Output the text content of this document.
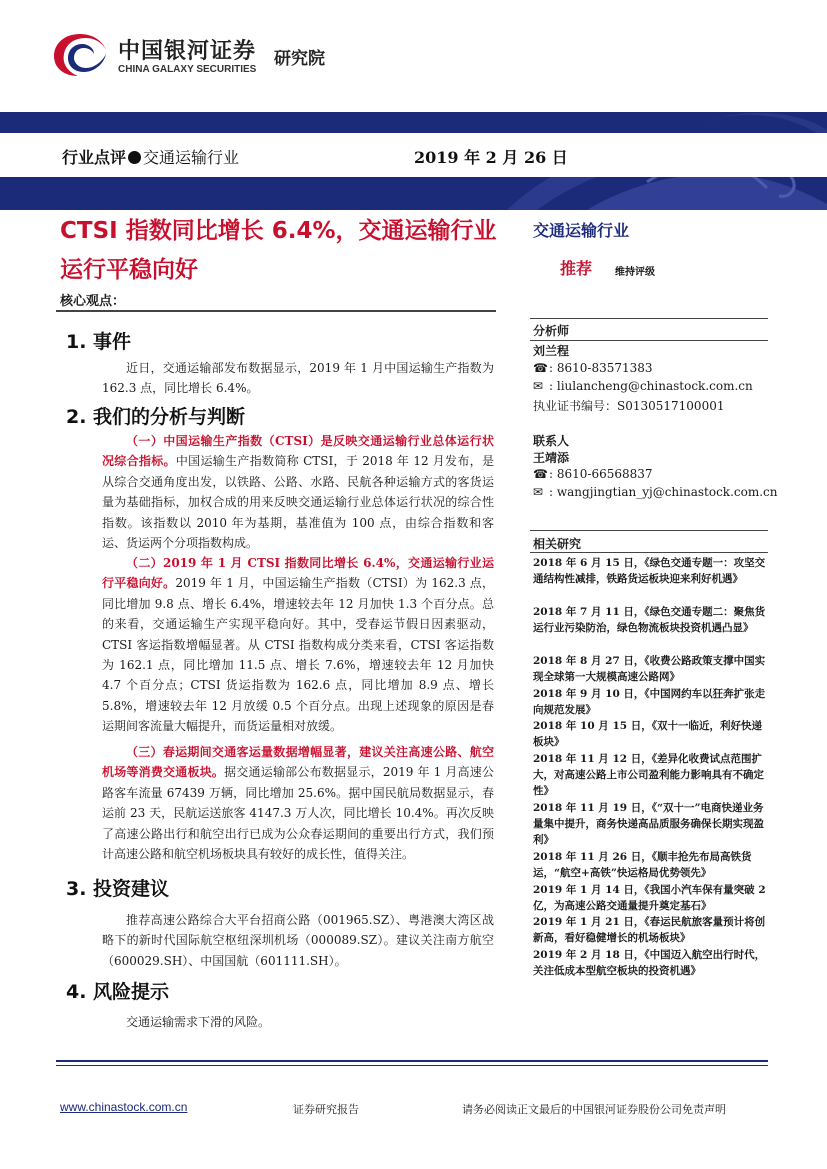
中国银河证券
CHINA GALAXY SECURITIES
研究院
行业点评 交通运输行业	2019 年 2 月 26 日
CTSI 指数同比增长 6.4%，交通运输行业运行平稳向好
核心观点：
1. 事件
近日，交通运输部发布数据显示，2019 年 1 月中国运输生产指数为 162.3 点，同比增长 6.4%。
2. 我们的分析与判断
（一）中国运输生产指数（CTSI）是反映交通运输行业总体运行状况综合指标。中国运输生产指数简称 CTSI，于 2018 年 12 月发布，是从综合交通角度出发，以铁路、公路、水路、民航各种运输方式的客货运量为基础指标，加权合成的用来反映交通运输行业总体运行状况的综合性指数。该指数以 2010 年为基期，基准值为 100 点，由综合指数和客运、货运两个分项指数构成。
（二）2019 年 1 月 CTSI 指数同比增长 6.4%，交通运输行业运行平稳向好。2019 年 1 月，中国运输生产指数（CTSI）为 162.3 点，同比增加 9.8 点、增长 6.4%，增速较去年 12 月加快 1.3 个百分点。总的来看，交通运输生产实现平稳向好。其中，受春运节假日因素驱动，CTSI 客运指数增幅显著。从 CTSI 指数构成分类来看，CTSI 客运指数为 162.1 点，同比增加 11.5 点、增长 7.6%，增速较去年 12 月加快 4.7 个百分点；CTSI 货运指数为 162.6 点，同比增加 8.9 点、增长 5.8%，增速较去年 12 月放缓 0.5 个百分点。出现上述现象的原因是春运期间客流量大幅提升，而货运量相对放缓。
（三）春运期间交通客运量数据增幅显著，建议关注高速公路、航空机场等消费交通板块。据交通运输部公布数据显示，2019 年 1 月高速公路客车流量 67439 万辆，同比增加 25.6%。据中国民航局数据显示，春运前 23 天，民航运送旅客 4147.3 万人次，同比增长 10.4%。再次反映了高速公路出行和航空出行已成为公众春运期间的重要出行方式，我们预计高速公路和航空机场板块具有较好的成长性，值得关注。
3. 投资建议
推荐高速公路综合大平台招商公路（001965.SZ）、粤港澳大湾区战略下的新时代国际航空枢纽深圳机场（000089.SZ）。建议关注南方航空（600029.SH）、中国国航（601111.SH）。
4. 风险提示
交通运输需求下滑的风险。
交通运输行业
推荐 维持评级
分析师
刘兰程
☎: 8610-83571383
✉ : liulancheng@chinastock.com.cn
执业证书编号：S0130517100001
联系人
王靖添
☎: 8610-66568837
✉ : wangjingtian_yj@chinastock.com.cn
相关研究
2018 年 6 月 15 日，《绿色交通专题一：攻坚交通结构性减排，铁路货运板块迎来利好机遇》
2018 年 7 月 11 日，《绿色交通专题二：聚焦货运行业污染防治，绿色物流板块投资机遇凸显》
2018 年 8 月 27 日，《收费公路政策支撑中国实现全球第一大规模高速公路网》
2018 年 9 月 10 日，《中国网约车以狂奔扩张走向规范发展》
2018 年 10 月 15 日，《双十一临近，利好快递板块》
2018 年 11 月 12 日，《差异化收费试点范围扩大，对高速公路上市公司盈利能力影响具有不确定性》
2018 年 11 月 19 日，《“双十一”电商快递业务量集中提升，商务快递高品质服务确保长期实现盈利》
2018 年 11 月 26 日，《顺丰抢先布局高铁货运，“航空+高铁”快运格局优势领先》
2019 年 1 月 14 日，《我国小汽车保有量突破 2 亿，为高速公路交通量提升奠定基石》
2019 年 1 月 21 日，《春运民航旅客量预计将创新高，看好稳健增长的机场板块》
2019 年 2 月 18 日，《中国迈入航空出行时代，关注低成本型航空板块的投资机遇》
www.chinastock.com.cn	证券研究报告	请务必阅读正文最后的中国银河证券股份公司免责声明
